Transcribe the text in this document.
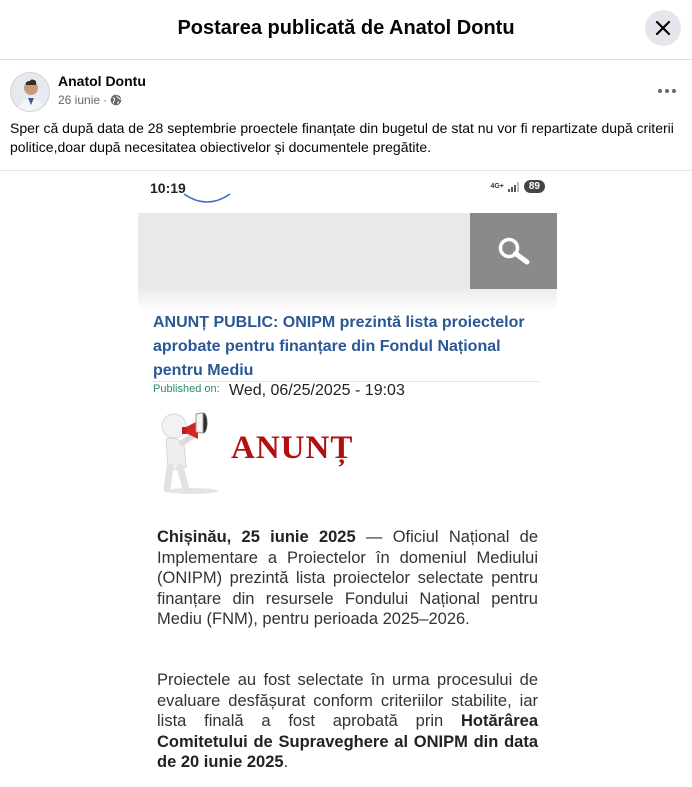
Postarea publicată de Anatol Dontu
Anatol Dontu
26 iunie ·
Sper că după data de 28 septembrie proectele finanțate din bugetul de stat nu vor fi repartizate după criterii politice,doar după necesitatea obiectivelor și documentele pregătite.
10:19	4G+	89
ANUNȚ PUBLIC: ONIPM prezintă lista proiectelor aprobate pentru finanțare din Fondul Național pentru Mediu
Published on: Wed, 06/25/2025 - 19:03
ANUNȚ
Chișinău, 25 iunie 2025 — Oficiul Național de Implementare a Proiectelor în domeniul Mediului (ONIPM) prezintă lista proiectelor selectate pentru finanțare din resursele Fondului Național pentru Mediu (FNM), pentru perioada 2025–2026.
Proiectele au fost selectate în urma procesului de evaluare desfășurat conform criteriilor stabilite, iar lista finală a fost aprobată prin Hotărârea Comitetului de Supraveghere al ONIPM din data de 20 iunie 2025.
